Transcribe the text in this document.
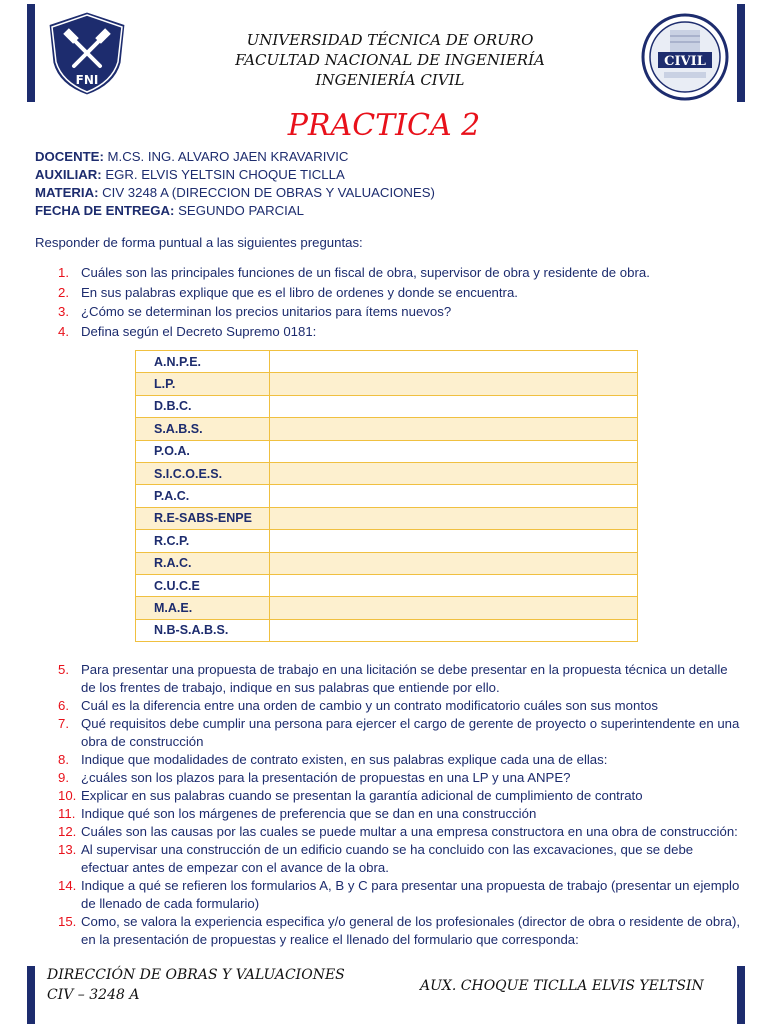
FNI
CIVIL
UNIVERSIDAD TÉCNICA DE ORURO
FACULTAD NACIONAL DE INGENIERÍA
INGENIERÍA CIVIL
PRACTICA 2
DOCENTE: M.CS. ING. ALVARO JAEN KRAVARIVIC
AUXILIAR: EGR. ELVIS YELTSIN CHOQUE TICLLA
MATERIA: CIV 3248 A (DIRECCION DE OBRAS Y VALUACIONES)
FECHA DE ENTREGA: SEGUNDO PARCIAL
Responder de forma puntual a las siguientes preguntas:
1. Cuáles son las principales funciones de un fiscal de obra, supervisor de obra y residente de obra.
2. En sus palabras explique que es el libro de ordenes y donde se encuentra.
3. ¿Cómo se determinan los precios unitarios para ítems nuevos?
4. Defina según el Decreto Supremo 0181:
A.N.P.E.	
L.P.	
D.B.C.	
S.A.B.S.	
P.O.A.	
S.I.C.O.E.S.	
P.A.C.	
R.E-SABS-ENPE	
R.C.P.	
R.A.C.	
C.U.C.E	
M.A.E.	
N.B-S.A.B.S.	
5. Para presentar una propuesta de trabajo en una licitación se debe presentar en la propuesta técnica un detalle de los frentes de trabajo, indique en sus palabras que entiende por ello.
6. Cuál es la diferencia entre una orden de cambio y un contrato modificatorio cuáles son sus montos
7. Qué requisitos debe cumplir una persona para ejercer el cargo de gerente de proyecto o superintendente en una obra de construcción
8. Indique que modalidades de contrato existen, en sus palabras explique cada una de ellas:
9. ¿cuáles son los plazos para la presentación de propuestas en una LP y una ANPE?
10. Explicar en sus palabras cuando se presentan la garantía adicional de cumplimiento de contrato
11. Indique qué son los márgenes de preferencia que se dan en una construcción
12. Cuáles son las causas por las cuales se puede multar a una empresa constructora en una obra de construcción:
13. Al supervisar una construcción de un edificio cuando se ha concluido con las excavaciones, que se debe efectuar antes de empezar con el avance de la obra.
14. Indique a qué se refieren los formularios A, B y C para presentar una propuesta de trabajo (presentar un ejemplo de llenado de cada formulario)
15. Como, se valora la experiencia especifica y/o general de los profesionales (director de obra o residente de obra), en la presentación de propuestas y realice el llenado del formulario que corresponda:
DIRECCIÓN DE OBRAS Y VALUACIONES
CIV – 3248 A
AUX. CHOQUE TICLLA ELVIS YELTSIN
